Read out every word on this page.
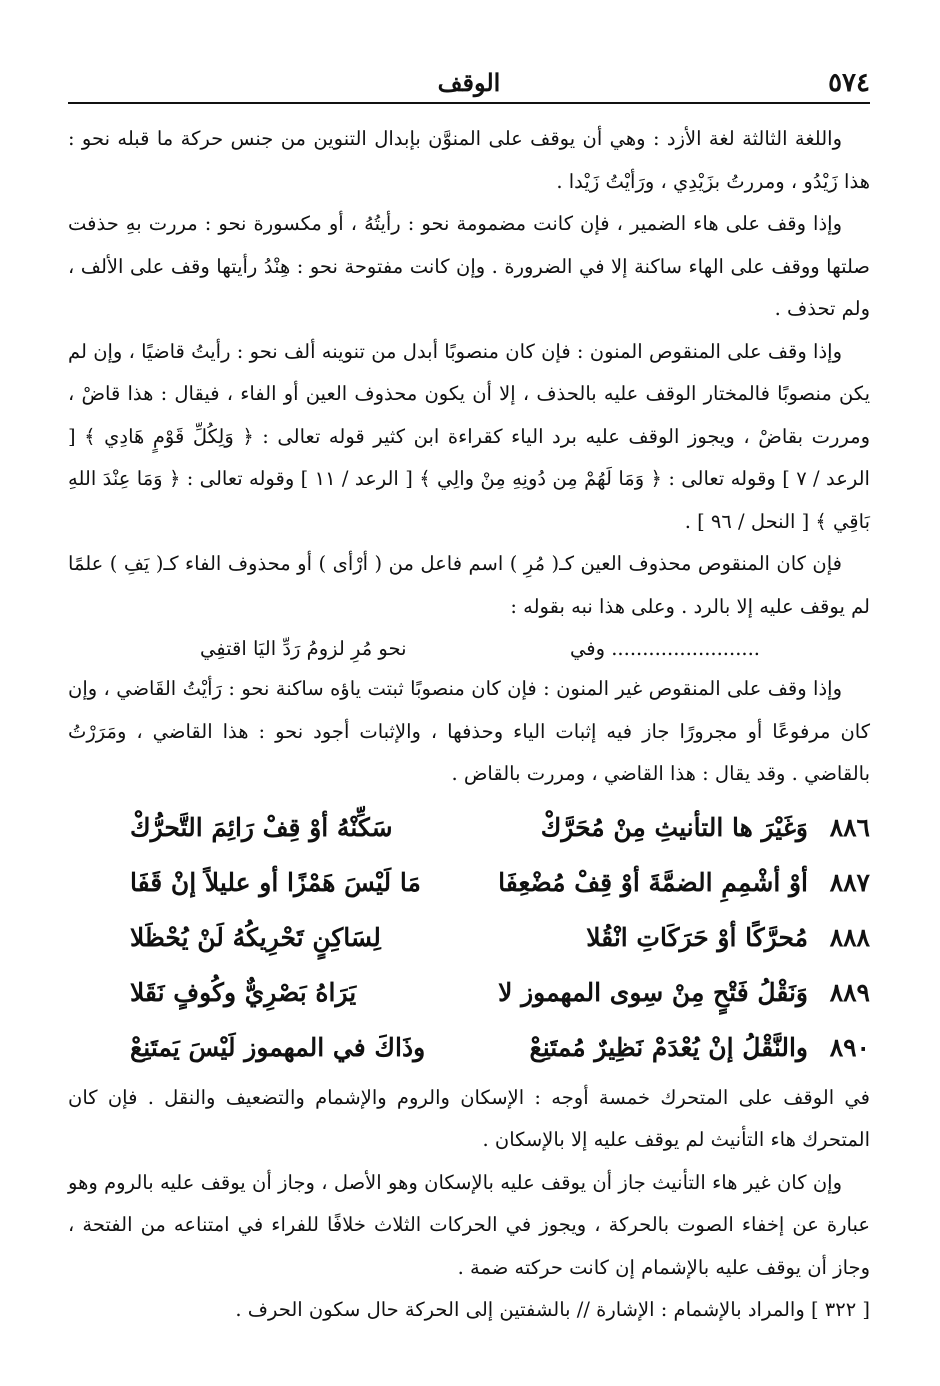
٥٧٤
الوقف

واللغة الثالثة لغة الأزد : وهي أن يوقف على المنوَّن بإبدال التنوين من جنس حركة ما قبله نحو : هذا زَيْدُو ، ومررتُ بزَيْدِي ، ورَأيْتُ زَيْدا .

وإذا وقف على هاء الضمير ، فإن كانت مضمومة نحو : رأيتُهُ ، أو مكسورة نحو : مررت بهِ حذفت صلتها ووقف على الهاء ساكنة إلا في الضرورة . وإن كانت مفتوحة نحو : هِنْدُ رأيتها وقف على الألف ، ولم تحذف .

وإذا وقف على المنقوص المنون : فإن كان منصوبًا أبدل من تنوينه ألف نحو : رأيتُ قاضيًا ، وإن لم يكن منصوبًا فالمختار الوقف عليه بالحذف ، إلا أن يكون محذوف العين أو الفاء ، فيقال : هذا قاضْ ، ومررت بقاضْ ، ويجوز الوقف عليه برد الياء كقراءة ابن كثير قوله تعالى : ﴿ وَلِكُلِّ قَوْمٍ هَادِي ﴾ [ الرعد / ٧ ] وقوله تعالى : ﴿ وَمَا لَهُمْ مِن دُونِهِ مِنْ والِي ﴾ [ الرعد / ١١ ] وقوله تعالى : ﴿ وَمَا عِنْدَ اللهِ بَاقِي ﴾ [ النحل / ٩٦ ] .

فإن كان المنقوص محذوف العين كـ( مُرِ ) اسم فاعل من ( أرْأى ) أو محذوف الفاء كـ( يَفِ ) علمًا لم يوقف عليه إلا بالرد . وعلى هذا نبه بقوله :

........................ وفي
نحو مُرِ لزومُ رَدِّ اليَا اقتفِي

وإذا وقف على المنقوص غير المنون : فإن كان منصوبًا ثبتت ياؤه ساكنة نحو : رَأيْتُ القَاضي ، وإن كان مرفوعًا أو مجرورًا جاز فيه إثبات الياء وحذفها ، والإثبات أجود نحو : هذا القاضي ، ومَرَرْتُ بالقاضي . وقد يقال : هذا القاضي ، ومررت بالقاض .

٨٨٦
وَغَيْرَ ها التأنيثِ مِنْ مُحَرَّكْ
سَكِّنْهُ أوْ قِفْ رَائِمَ التَّحرُّكْ
٨٨٧
أوْ أشْمِمِ الضمَّةَ أوْ قِفْ مُضْعِفَا
مَا لَيْسَ هَمْزًا أو عليلاً إنْ قَفَا
٨٨٨
مُحرَّكًا أوْ حَرَكَاتِ انْقُلا
لِسَاكِنٍ تَحْرِيكُهُ لَنْ يُحْظَلا
٨٨٩
وَنَقْلُ فَتْحٍ مِنْ سِوى المهموز لا
يَرَاهُ بَصْرِيٌّ وكُوفٍ نَقَلا
٨٩٠
والنَّقْلُ إنْ يُعْدَمْ نَظِيرٌ مُمتَنِعْ
وذَاكَ في المهموز لَيْسَ يَمتَنِعْ

في الوقف على المتحرك خمسة أوجه : الإسكان والروم والإشمام والتضعيف والنقل . فإن كان المتحرك هاء التأنيث لم يوقف عليه إلا بالإسكان .

وإن كان غير هاء التأنيث جاز أن يوقف عليه بالإسكان وهو الأصل ، وجاز أن يوقف عليه بالروم وهو عبارة عن إخفاء الصوت بالحركة ، ويجوز في الحركات الثلاث خلافًا للفراء في امتناعه من الفتحة ، وجاز أن يوقف عليه بالإشمام إن كانت حركته ضمة .

[ ٣٢٢ ] والمراد بالإشمام : الإشارة // بالشفتين إلى الحركة حال سكون الحرف .
